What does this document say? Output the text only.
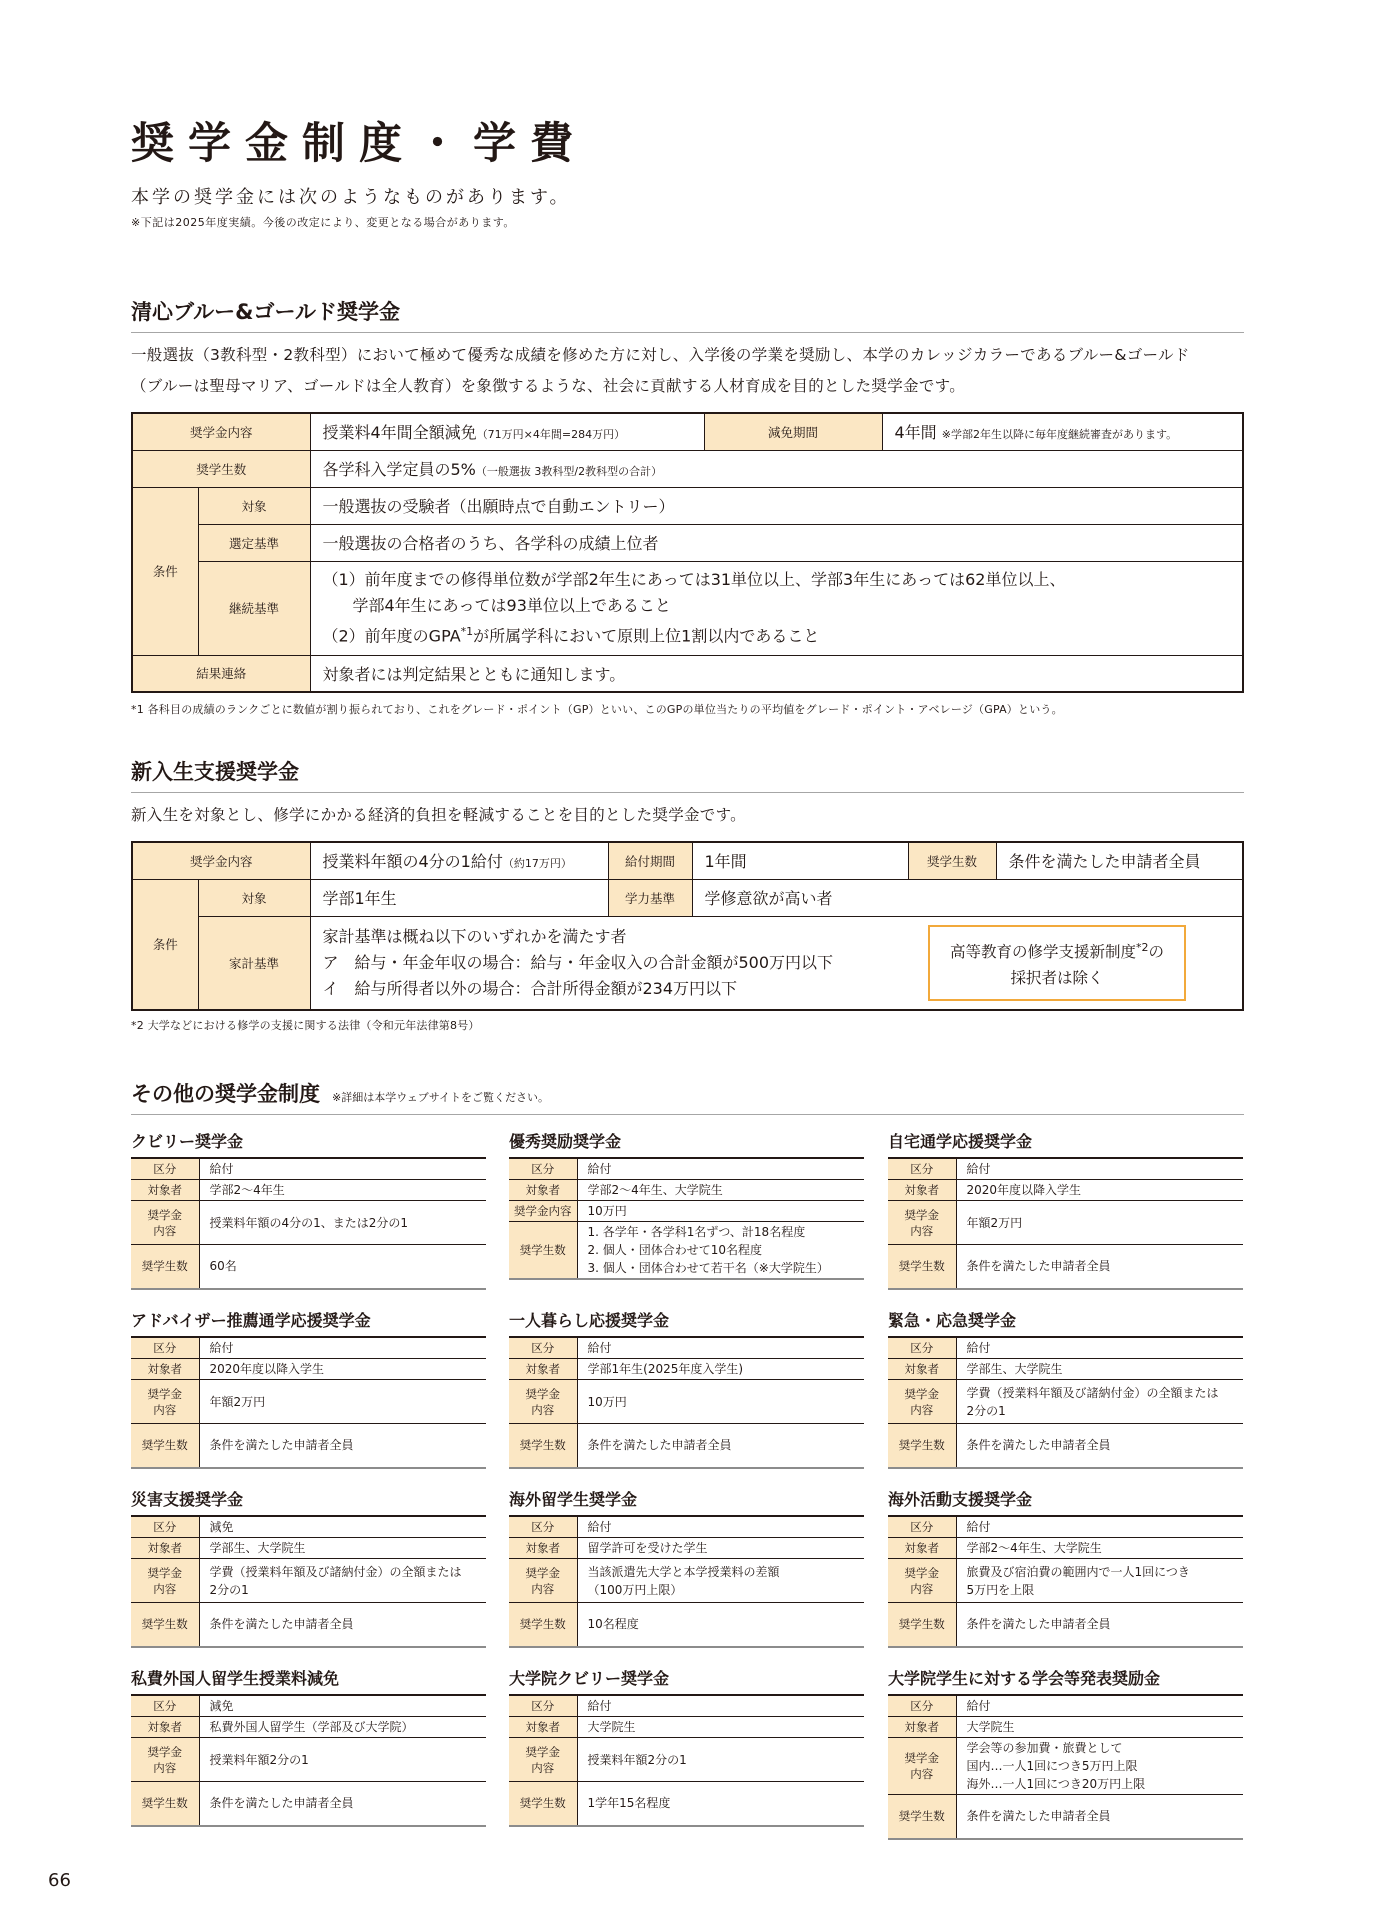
奨学金制度・学費
本学の奨学金には次のようなものがあります。
※下記は2025年度実績。今後の改定により、変更となる場合があります。
清心ブルー&ゴールド奨学金
一般選抜（3教科型・2教科型）において極めて優秀な成績を修めた方に対し、入学後の学業を奨励し、本学のカレッジカラーであるブルー&ゴールド
（ブルーは聖母マリア、ゴールドは全人教育）を象徴するような、社会に貢献する人材育成を目的とした奨学金です。
奨学金内容		授業料4年間全額減免（71万円×4年間=284万円）	減免期間	4年間 ※学部2年生以降に毎年度継続審査があります。
奨学生数		各学科入学定員の5%（一般選抜 3教科型/2教科型の合計）		
条件	対象	一般選抜の受験者（出願時点で自動エントリー）		
	選定基準	一般選抜の合格者のうち、各学科の成績上位者		
	継続基準	（1）前年度までの修得単位数が学部2年生にあっては31単位以上、学部3年生にあっては62単位以上、
学部4年生にあっては93単位以上であること
（2）前年度のGPA$^{*1}$が所属学科において原則上位1割以内であること		

結果連絡		対象者には判定結果とともに通知します。		
*1 各科目の成績のランクごとに数値が割り振られており、これをグレード・ポイント（GP）といい、このGPの単位当たりの平均値をグレード・ポイント・アベレージ（GPA）という。
新入生支援奨学金
新入生を対象とし、修学にかかる経済的負担を軽減することを目的とした奨学金です。
奨学金内容		授業料年額の4分の1給付（約17万円）	給付期間	1年間	奨学生数	条件を満たした申請者全員
条件	対象	学部1年生	学力基準	学修意欲が高い者		
	家計基準	家計基準は概ね以下のいずれかを満たす者
ア　給与・年金年収の場合：給与・年金収入の合計金額が500万円以下
イ　給与所得者以外の場合：合計所得金額が234万円以下
高等教育の修学支援新制度$^{*2}$の
採択者は除く				
*2 大学などにおける修学の支援に関する法律（令和元年法律第8号）
その他の奨学金制度 ※詳細は本学ウェブサイトをご覧ください。
クビリー奨学金
区分	給付
対象者	学部2～4年生
奨学金
内容	授業料年額の4分の1、または2分の1
奨学生数	60名
優秀奨励奨学金
区分	給付
対象者	学部2～4年生、大学院生
奨学金内容	10万円
奨学生数	1. 各学年・各学科1名ずつ、計18名程度
2. 個人・団体合わせて10名程度
3. 個人・団体合わせて若干名（※大学院生）
自宅通学応援奨学金
区分	給付
対象者	2020年度以降入学生
奨学金
内容	年額2万円
奨学生数	条件を満たした申請者全員
アドバイザー推薦通学応援奨学金
区分	給付
対象者	2020年度以降入学生
奨学金
内容	年額2万円
奨学生数	条件を満たした申請者全員
一人暮らし応援奨学金
区分	給付
対象者	学部1年生(2025年度入学生)
奨学金
内容	10万円
奨学生数	条件を満たした申請者全員
緊急・応急奨学金
区分	給付
対象者	学部生、大学院生
奨学金
内容	学費（授業料年額及び諸納付金）の全額または
2分の1
奨学生数	条件を満たした申請者全員
災害支援奨学金
区分	減免
対象者	学部生、大学院生
奨学金
内容	学費（授業料年額及び諸納付金）の全額または
2分の1
奨学生数	条件を満たした申請者全員
海外留学生奨学金
区分	給付
対象者	留学許可を受けた学生
奨学金
内容	当該派遣先大学と本学授業料の差額
（100万円上限）
奨学生数	10名程度
海外活動支援奨学金
区分	給付
対象者	学部2～4年生、大学院生
奨学金
内容	旅費及び宿泊費の範囲内で一人1回につき
5万円を上限
奨学生数	条件を満たした申請者全員
私費外国人留学生授業料減免
区分	減免
対象者	私費外国人留学生（学部及び大学院）
奨学金
内容	授業料年額2分の1
奨学生数	条件を満たした申請者全員
大学院クビリー奨学金
区分	給付
対象者	大学院生
奨学金
内容	授業料年額2分の1
奨学生数	1学年15名程度
大学院学生に対する学会等発表奨励金
区分	給付
対象者	大学院生
奨学金
内容	学会等の参加費・旅費として
国内…一人1回につき5万円上限
海外…一人1回につき20万円上限
奨学生数	条件を満たした申請者全員
66
